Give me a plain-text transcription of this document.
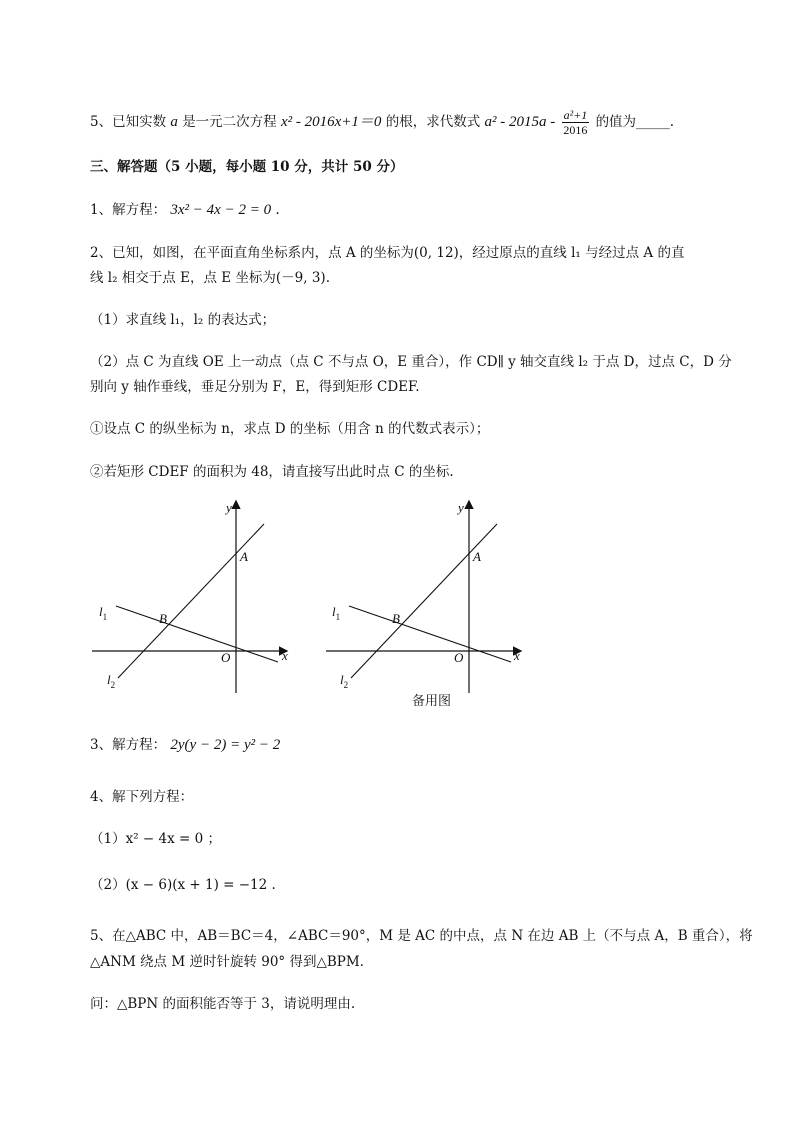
5、已知实数 a 是一元二次方程 x² - 2016x+1＝0 的根，求代数式 $a^2 - 2015a - \frac{\text{a²+1}}{2016}$ 的值为_____.
三、解答题（5 小题，每小题 10 分，共计 50 分）
1、解方程： 3x² − 4x − 2 = 0 .
2、已知，如图，在平面直角坐标系内，点 A 的坐标为(0, 12)，经过原点的直线 l₁ 与经过点 A 的直
线 l₂ 相交于点 E，点 E 坐标为(－9, 3).
（1）求直线 l₁，l₂ 的表达式；
（2）点 C 为直线 OE 上一动点（点 C 不与点 O，E 重合），作 CD∥ y 轴交直线 l₂ 于点 D，过点 C，D 分
别向 y 轴作垂线，垂足分别为 F，E，得到矩形 CDEF.
①设点 C 的纵坐标为 n，求点 D 的坐标（用含 n 的代数式表示）；
②若矩形 CDEF 的面积为 48，请直接写出此时点 C 的坐标.
y
x
A
B
O
$l_1$
$l_2$
y
x
A
B
O
$l_1$
$l_2$
备用图
3、解方程： 2y(y − 2) = y² − 2
4、解下列方程：
（1）x² − 4x = 0 ；
（2）(x − 6)(x + 1) = −12 .
5、在△ABC 中，AB＝BC＝4，∠ABC＝90°，M 是 AC 的中点，点 N 在边 AB 上（不与点 A，B 重合），将
△ANM 绕点 M 逆时针旋转 90° 得到△BPM.
问：△BPN 的面积能否等于 3，请说明理由.
